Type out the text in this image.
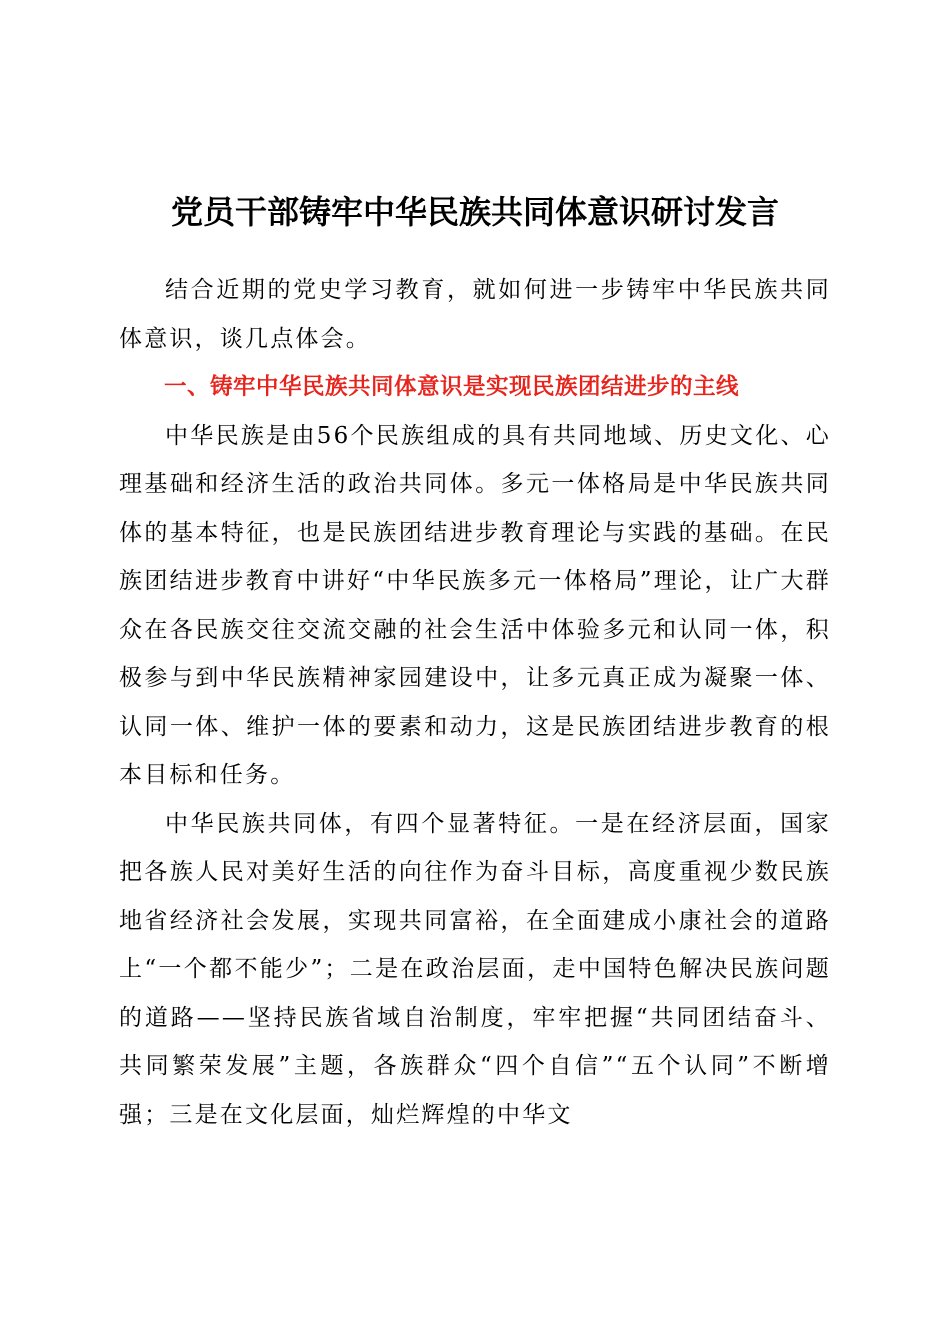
党员干部铸牢中华民族共同体意识研讨发言

结合近期的党史学习教育，就如何进一步铸牢中华民族共同体意识，谈几点体会。

一、铸牢中华民族共同体意识是实现民族团结进步的主线

中华民族是由56个民族组成的具有共同地域、历史文化、心理基础和经济生活的政治共同体。多元一体格局是中华民族共同体的基本特征，也是民族团结进步教育理论与实践的基础。在民族团结进步教育中讲好“中华民族多元一体格局”理论，让广大群众在各民族交往交流交融的社会生活中体验多元和认同一体，积极参与到中华民族精神家园建设中，让多元真正成为凝聚一体、认同一体、维护一体的要素和动力，这是民族团结进步教育的根本目标和任务。

中华民族共同体，有四个显著特征。一是在经济层面，国家把各族人民对美好生活的向往作为奋斗目标，高度重视少数民族地省经济社会发展，实现共同富裕，在全面建成小康社会的道路上“一个都不能少”；二是在政治层面，走中国特色解决民族问题的道路——坚持民族省域自治制度，牢牢把握“共同团结奋斗、共同繁荣发展”主题，各族群众“四个自信”“五个认同”不断增强；三是在文化层面，灿烂辉煌的中华文
